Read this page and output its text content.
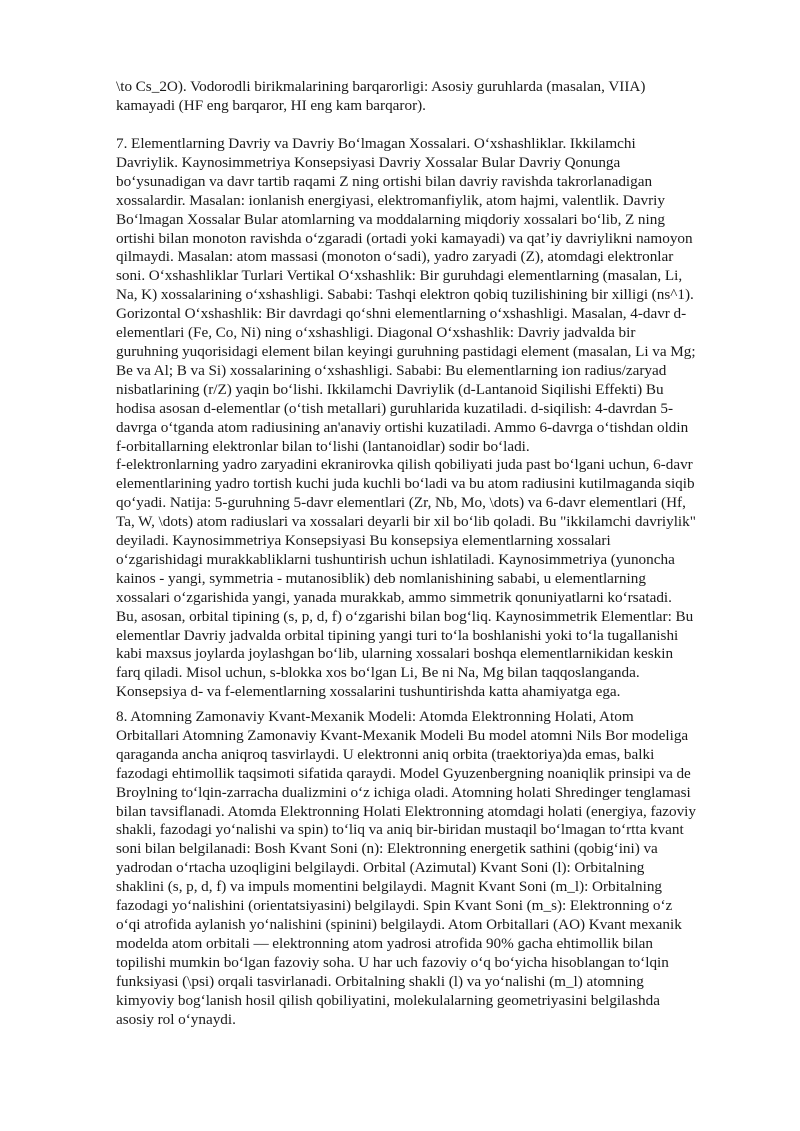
\to Cs_2O). Vodorodli birikmalarining barqarorligi: Asosiy guruhlarda (masalan, VIIA) kamayadi (HF eng barqaror, HI eng kam barqaror).

7. Elementlarning Davriy va Davriy Boʻlmagan Xossalari. Oʻxshashliklar. Ikkilamchi Davriylik. Kaynosimmetriya Konsepsiyasi Davriy Xossalar Bular Davriy Qonunga boʻysunadigan va davr tartib raqami Z ning ortishi bilan davriy ravishda takrorlanadigan xossalardir. Masalan: ionlanish energiyasi, elektromanfiylik, atom hajmi, valentlik. Davriy Boʻlmagan Xossalar Bular atomlarning va moddalarning miqdoriy xossalari boʻlib, Z ning ortishi bilan monoton ravishda oʻzgaradi (ortadi yoki kamayadi) va qatʼiy davriylikni namoyon qilmaydi. Masalan: atom massasi (monoton oʻsadi), yadro zaryadi (Z), atomdagi elektronlar soni. Oʻxshashliklar Turlari Vertikal Oʻxshashlik: Bir guruhdagi elementlarning (masalan, Li, Na, K) xossalarining oʻxshashligi. Sababi: Tashqi elektron qobiq tuzilishining bir xilligi (ns^1). Gorizontal Oʻxshashlik: Bir davrdagi qoʻshni elementlarning oʻxshashligi. Masalan, 4-davr d-elementlari (Fe, Co, Ni) ning oʻxshashligi. Diagonal Oʻxshashlik: Davriy jadvalda bir guruhning yuqorisidagi element bilan keyingi guruhning pastidagi element (masalan, Li va Mg; Be va Al; B va Si) xossalarining oʻxshashligi. Sababi: Bu elementlarning ion radius/zaryad nisbatlarining (r/Z) yaqin boʻlishi. Ikkilamchi Davriylik (d-Lantanoid Siqilishi Effekti) Bu hodisa asosan d-elementlar (oʻtish metallari) guruhlarida kuzatiladi. d-siqilish: 4-davrdan 5-davrga oʻtganda atom radiusining an'anaviy ortishi kuzatiladi. Ammo 6-davrga oʻtishdan oldin f-orbitallarning elektronlar bilan toʻlishi (lantanoidlar) sodir boʻladi.
f-elektronlarning yadro zaryadini ekranirovka qilish qobiliyati juda past boʻlgani uchun, 6-davr elementlarining yadro tortish kuchi juda kuchli boʻladi va bu atom radiusini kutilmaganda siqib qoʻyadi. Natija: 5-guruhning 5-davr elementlari (Zr, Nb, Mo, \dots) va 6-davr elementlari (Hf, Ta, W, \dots) atom radiuslari va xossalari deyarli bir xil boʻlib qoladi. Bu "ikkilamchi davriylik" deyiladi. Kaynosimmetriya Konsepsiyasi Bu konsepsiya elementlarning xossalari oʻzgarishidagi murakkabliklarni tushuntirish uchun ishlatiladi. Kaynosimmetriya (yunoncha kainos - yangi, symmetria - mutanosiblik) deb nomlanishining sababi, u elementlarning xossalari oʻzgarishida yangi, yanada murakkab, ammo simmetrik qonuniyatlarni koʻrsatadi. Bu, asosan, orbital tipining (s, p, d, f) oʻzgarishi bilan bogʻliq. Kaynosimmetrik Elementlar: Bu elementlar Davriy jadvalda orbital tipining yangi turi toʻla boshlanishi yoki toʻla tugallanishi kabi maxsus joylarda joylashgan boʻlib, ularning xossalari boshqa elementlarnikidan keskin farq qiladi. Misol uchun, s-blokka xos boʻlgan Li, Be ni Na, Mg bilan taqqoslanganda. Konsepsiya d- va f-elementlarning xossalarini tushuntirishda katta ahamiyatga ega.

8. Atomning Zamonaviy Kvant-Mexanik Modeli: Atomda Elektronning Holati, Atom Orbitallari Atomning Zamonaviy Kvant-Mexanik Modeli Bu model atomni Nils Bor modeliga qaraganda ancha aniqroq tasvirlaydi. U elektronni aniq orbita (traektoriya)da emas, balki fazodagi ehtimollik taqsimoti sifatida qaraydi. Model Gyuzenbergning noaniqlik prinsipi va de Broylning toʻlqin-zarracha dualizmini oʻz ichiga oladi. Atomning holati Shredinger tenglamasi bilan tavsiflanadi. Atomda Elektronning Holati Elektronning atomdagi holati (energiya, fazoviy shakli, fazodagi yoʻnalishi va spin) toʻliq va aniq bir-biridan mustaqil boʻlmagan toʻrtta kvant soni bilan belgilanadi: Bosh Kvant Soni (n): Elektronning energetik sathini (qobigʻini) va yadrodan oʻrtacha uzoqligini belgilaydi. Orbital (Azimutal) Kvant Soni (l): Orbitalning shaklini (s, p, d, f) va impuls momentini belgilaydi. Magnit Kvant Soni (m_l): Orbitalning fazodagi yoʻnalishini (orientatsiyasini) belgilaydi. Spin Kvant Soni (m_s): Elektronning oʻz oʻqi atrofida aylanish yoʻnalishini (spinini) belgilaydi. Atom Orbitallari (AO) Kvant mexanik modelda atom orbitali — elektronning atom yadrosi atrofida 90% gacha ehtimollik bilan topilishi mumkin boʻlgan fazoviy soha. U har uch fazoviy oʻq boʻyicha hisoblangan toʻlqin funksiyasi (\psi) orqali tasvirlanadi. Orbitalning shakli (l) va yoʻnalishi (m_l) atomning kimyoviy bogʻlanish hosil qilish qobiliyatini, molekulalarning geometriyasini belgilashda asosiy rol oʻynaydi.
